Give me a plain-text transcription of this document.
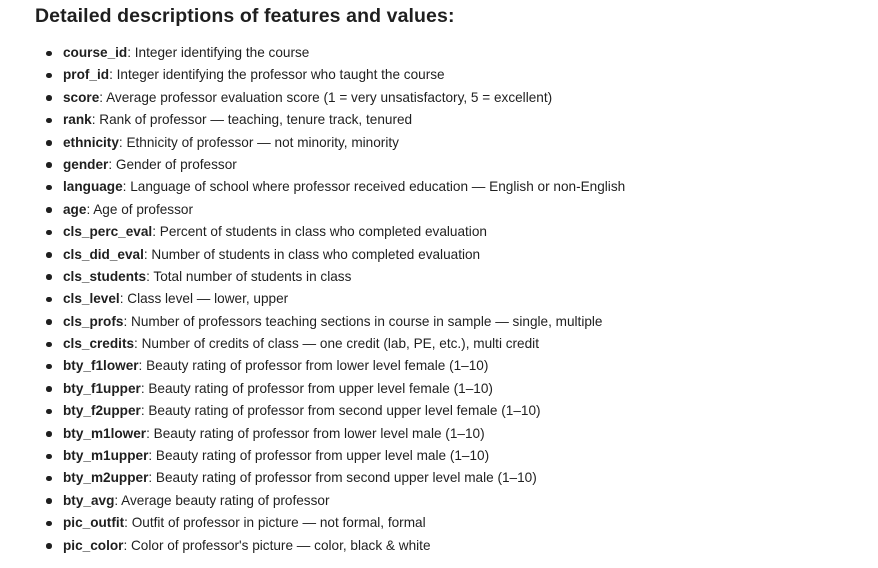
Detailed descriptions of features and values:
course_id: Integer identifying the course
prof_id: Integer identifying the professor who taught the course
score: Average professor evaluation score (1 = very unsatisfactory, 5 = excellent)
rank: Rank of professor — teaching, tenure track, tenured
ethnicity: Ethnicity of professor — not minority, minority
gender: Gender of professor
language: Language of school where professor received education — English or non-English
age: Age of professor
cls_perc_eval: Percent of students in class who completed evaluation
cls_did_eval: Number of students in class who completed evaluation
cls_students: Total number of students in class
cls_level: Class level — lower, upper
cls_profs: Number of professors teaching sections in course in sample — single, multiple
cls_credits: Number of credits of class — one credit (lab, PE, etc.), multi credit
bty_f1lower: Beauty rating of professor from lower level female (1–10)
bty_f1upper: Beauty rating of professor from upper level female (1–10)
bty_f2upper: Beauty rating of professor from second upper level female (1–10)
bty_m1lower: Beauty rating of professor from lower level male (1–10)
bty_m1upper: Beauty rating of professor from upper level male (1–10)
bty_m2upper: Beauty rating of professor from second upper level male (1–10)
bty_avg: Average beauty rating of professor
pic_outfit: Outfit of professor in picture — not formal, formal
pic_color: Color of professor's picture — color, black & white
